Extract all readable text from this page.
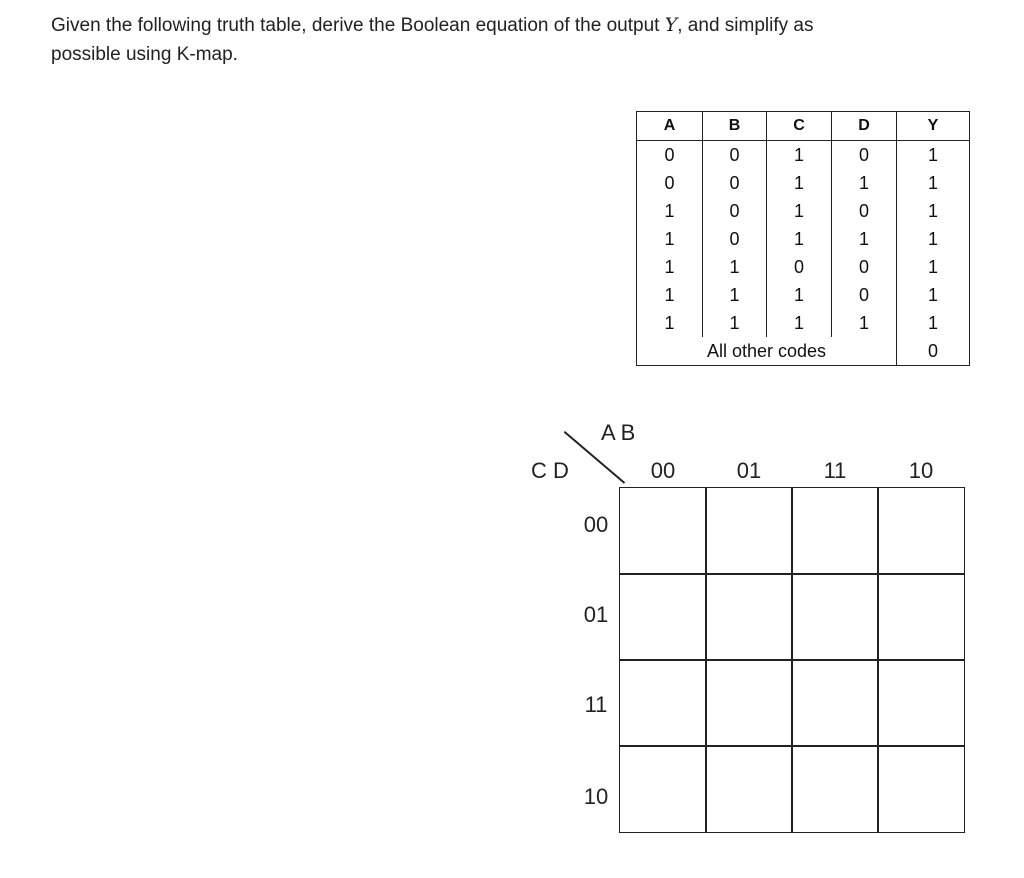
Given the following truth table, derive the Boolean equation of the output Y, and simplify as
possible using K-map.
A	B	C	D	Y
0	0	1	0	1
0	0	1	1	1
1	0	1	0	1
1	0	1	1	1
1	1	0	0	1
1	1	1	0	1
1	1	1	1	1
All other codes				0
A B
C D	00	01	11	10
00
01
11
10
